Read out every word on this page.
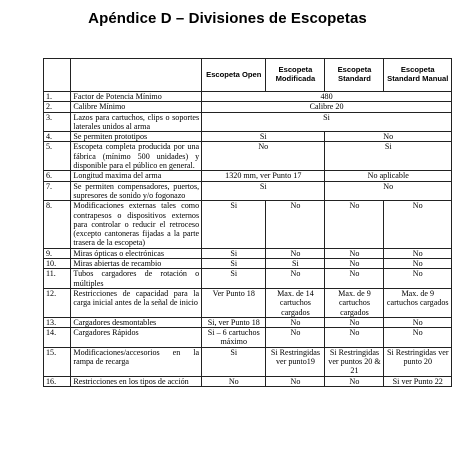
Apéndice D – Divisiones de Escopetas
		Escopeta Open	Escopeta Modificada	Escopeta Standard	Escopeta Standard Manual
1.	Factor de Potencia Mínimo	480			
2.	Calibre Mínimo	Calibre 20			
3.	Lazos para cartuchos, clips o soportes laterales unidos al arma	Si			
4.	Se permiten prototipos	Si		No	
5.	Escopeta completa producida por una fábrica (mínimo 500 unidades) y disponible para el público en general.	No		Si	
6.	Longitud maxima del arma	1320 mm, ver Punto 17		No aplicable	
7.	Se permiten compensadores, puertos, supresores de sonido y/o fogonazo	Si		No	
8.	Modificaciones externas tales como contrapesos o dispositivos externos para controlar o reducir el retroceso (excepto cantoneras fijadas a la parte trasera de la escopeta)	Si	No	No	No
9.	Miras ópticas o electrónicas	Si	No	No	No
10.	Miras abiertas de recambio	Si	Si	No	No
11.	Tubos cargadores de rotación o múltiples	Si	No	No	No
12.	Restricciones de capacidad para la carga inicial antes de la señal de inicio	Ver Punto 18	Max. de 14 cartuchos cargados	Max. de 9 cartuchos cargados	Max. de 9 cartuchos cargados
13.	Cargadores desmontables	Si, ver Punto 18	No	No	No
14.	Cargadores Rápidos	Si – 6 cartuchos máximo	No	No	No
15.	Modificaciones/accesorios en la rampa de recarga	Si	Si Restringidas ver punto19	Si Restringidas ver puntos 20 & 21	Si Restringidas ver punto 20
16.	Restricciones en los tipos de acción	No	No	No	Si ver Punto 22
